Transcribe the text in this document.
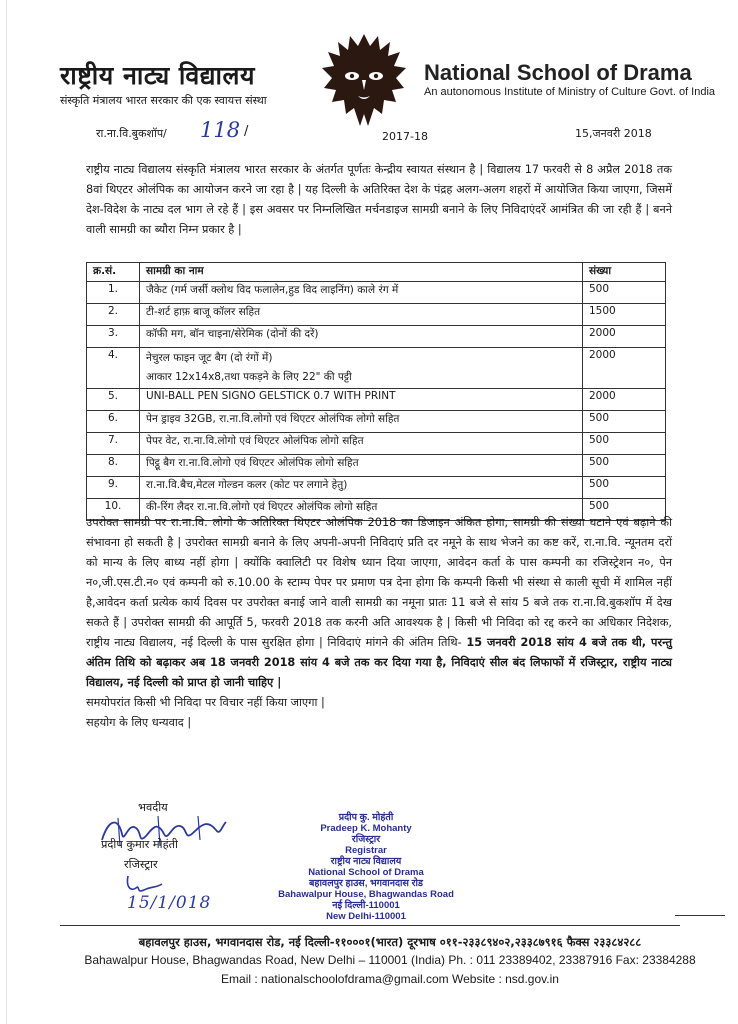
राष्ट्रीय नाट्य विद्यालय
संस्कृति मंत्रालय भारत सरकार की एक स्वायत्त संस्था
National School of Drama
An autonomous Institute of Ministry of Culture Govt. of India
रा.ना.वि.बुकशॉप/ 118 /	2017-18	15,जनवरी 2018
राष्ट्रीय नाट्य विद्यालय संस्कृति मंत्रालय भारत सरकार के अंतर्गत पूर्णतः केन्द्रीय स्वायत संस्थान है | विद्यालय 17 फरवरी से 8 अप्रैल 2018 तक 8वां थिएटर ओलंपिक का आयोजन करने जा रहा है | यह दिल्ली के अतिरिक्त देश के पंद्रह अलग-अलग शहरों में आयोजित किया जाएगा, जिसमें देश-विदेश के नाट्य दल भाग ले रहे हैं | इस अवसर पर निम्नलिखित मर्चनडाइज सामग्री बनाने के लिए निविदाएंदरें आमंत्रित की जा रही हैं | बनने वाली सामग्री का ब्यौरा निम्न प्रकार है |
क्र.सं.	सामग्री का नाम	संख्या
1.	जैकेट (गर्म जर्सी क्लोथ विद फलालेन,हुड विद लाइनिंग) काले रंग में	500
2.	टी-शर्ट हाफ़ बाजू कॉलर सहित	1500
3.	कॉफी मग, बॉन चाइना/सेरेमिक (दोनों की दरें)	2000
4.	नेचुरल फाइन जूट बैग (दो रंगों में)
आकार 12x14x8,तथा पकड़ने के लिए 22" की पट्टी	2000
5.	UNI-BALL PEN SIGNO GELSTICK 0.7 WITH PRINT	2000
6.	पेन ड्राइव 32GB, रा.ना.वि.लोगो एवं थिएटर ओलंपिक लोगो सहित	500
7.	पेपर वेट, रा.ना.वि.लोगो एवं थिएटर ओलंपिक लोगो सहित	500
8.	पिट्ठू बैग रा.ना.वि.लोगो एवं थिएटर ओलंपिक लोगो सहित	500
9.	रा.ना.वि.बैच,मेटल गोल्डन कलर (कोट पर लगाने हेतु)	500
10.	की-रिंग लैदर रा.ना.वि.लोगो एवं थिएटर ओलंपिक लोगो सहित	500
उपरोक्त सामग्री पर रा.ना.वि. लोगो के अतिरिक्त थिएटर ओलंपिक 2018 का डिजाइन अंकित होगा, सामग्री की संख्या घटाने एवं बढ़ाने की संभावना हो सकती है | उपरोक्त सामग्री बनाने के लिए अपनी-अपनी निविदाएं प्रति दर नमूने के साथ भेजने का कष्ट करें, रा.ना.वि. न्यूनतम दरों को मान्य के लिए बाध्य नहीं होगा | क्योंकि क्वालिटी पर विशेष ध्यान दिया जाएगा, आवेदन कर्ता के पास कम्पनी का रजिस्ट्रेशन न०, पेन न०,जी.एस.टी.न० एवं कम्पनी को रु.10.00 के स्टाम्प पेपर पर प्रमाण पत्र देना होगा कि कम्पनी किसी भी संस्था से काली सूची में शामिल नहीं है,आवेदन कर्ता प्रत्येक कार्य दिवस पर उपरोक्त बनाई जाने वाली सामग्री का नमूना प्रातः 11 बजे से सांय 5 बजे तक रा.ना.वि.बुकशॉप में देख सकते हैं | उपरोक्त सामग्री की आपूर्ति 5, फरवरी 2018 तक करनी अति आवश्यक है | किसी भी निविदा को रद्द करने का अधिकार निदेशक, राष्ट्रीय नाट्य विद्यालय, नई दिल्ली के पास सुरक्षित होगा | निविदाएं मांगने की अंतिम तिथि- 15 जनवरी 2018 सांय 4 बजे तक थी, परन्तु अंतिम तिथि को बढ़ाकर अब 18 जनवरी 2018 सांय 4 बजे तक कर दिया गया है, निविदाएं सील बंद लिफाफों में रजिस्ट्रार, राष्ट्रीय नाट्य विद्यालय, नई दिल्ली को प्राप्त हो जानी चाहिए |
समयोपरांत किसी भी निविदा पर विचार नहीं किया जाएगा |
सहयोग के लिए धन्यवाद |
भवदीय
प्रदीप कुमार मोहंती
रजिस्ट्रार
15/1/018
प्रदीप कु. मोहंती
Pradeep K. Mohanty
रजिस्ट्रार
Registrar
राष्ट्रीय नाट्य विद्यालय
National School of Drama
बहावलपुर हाउस, भगवानदास रोड
Bahawalpur House, Bhagwandas Road
नई दिल्ली-110001
New Delhi-110001
बहावलपुर हाउस, भगवानदास रोड, नई दिल्ली-११०००१(भारत) दूरभाष ०११-२३३८९४०२,२३३८७९१६ फैक्स २३३८४२८८
Bahawalpur House, Bhagwandas Road, New Delhi – 110001 (India) Ph. : 011 23389402, 23387916 Fax: 23384288
Email : nationalschoolofdrama@gmail.com Website : nsd.gov.in
